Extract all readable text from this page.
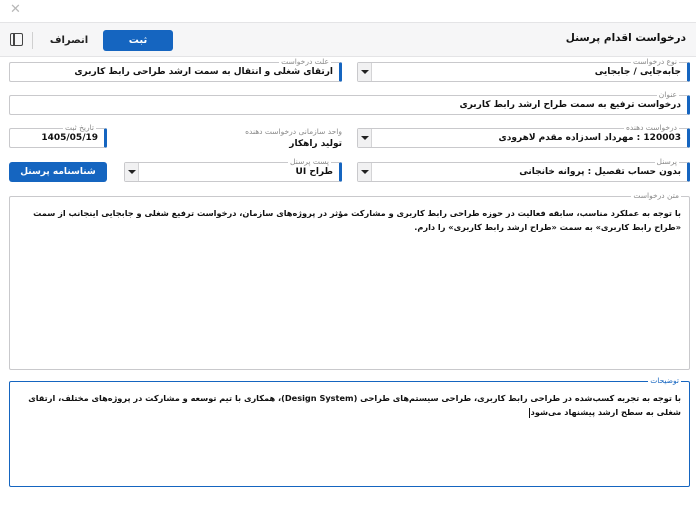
✕
انصراف	ثبت	درخواست اقدام پرسنل
نوع درخواست
جابه‌جایی / جابجایی
علت درخواست
ارتقای شغلی و انتقال به سمت ارشد طراحی رابط کاربری
عنوان
درخواست ترفیع به سمت طراح ارشد رابط کاربری
درخواست دهنده
120003 : مهرداد اسدزاده مقدم لاهرودی
واحد سازمانی درخواست دهنده
تولید راهکار
تاریخ ثبت
1405/05/19
پرسنل
بدون حساب تفصیل : پروانه خانجانی
پست پرسنل
طراح UI
شناسنامه پرسنل
متن درخواست
با توجه به عملکرد مناسب، سابقه فعالیت در حوزه طراحی رابط کاربری و مشارکت مؤثر در پروژه‌های سازمان، درخواست ترفیع شغلی و جابجایی اینجانب از سمت «طراح رابط کاربری» به سمت «طراح ارشد رابط کاربری» را دارم.
توضیحات
با توجه به تجربه کسب‌شده در طراحی رابط کاربری، طراحی سیستم‌های طراحی (Design System)، همکاری با تیم توسعه و مشارکت در پروژه‌های مختلف، ارتقای شغلی به سطح ارشد پیشنهاد می‌شود
